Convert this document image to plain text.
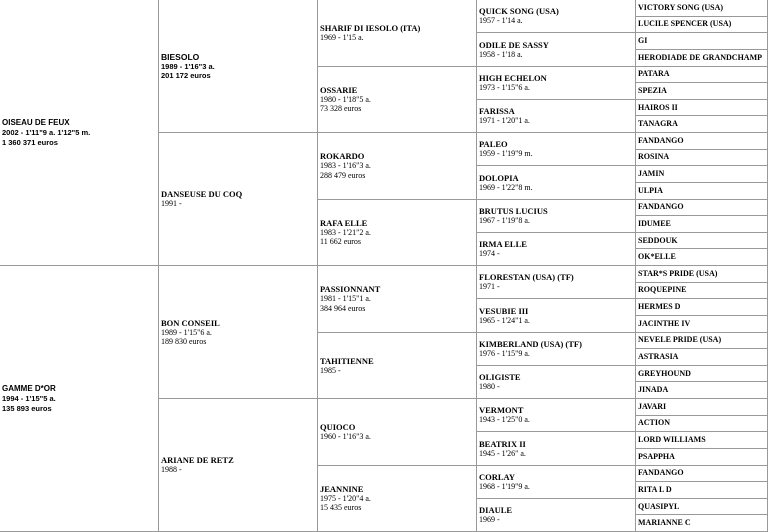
OISEAU DE FEUX
2002 - 1'11"9 a. 1'12"5 m.
1 360 371 euros
GAMME D*OR
1994 - 1'15"5 a.
135 893 euros
BIESOLO
1989 - 1'16"3 a.
201 172 euros
DANSEUSE DU COQ
1991 -
BON CONSEIL
1989 - 1'15"6 a.
189 830 euros
ARIANE DE RETZ
1988 -
SHARIF DI IESOLO (ITA)
1969 - 1'15 a.
OSSARIE
1980 - 1'18"5 a.
73 328 euros
ROKARDO
1983 - 1'16"3 a.
288 479 euros
RAFA ELLE
1983 - 1'21"2 a.
11 662 euros
PASSIONNANT
1981 - 1'15"1 a.
384 964 euros
TAHITIENNE
1985 -
QUIOCO
1960 - 1'16"3 a.
JEANNINE
1975 - 1'20"4 a.
15 435 euros
QUICK SONG (USA)
1957 - 1'14 a.
ODILE DE SASSY
1958 - 1'18 a.
HIGH ECHELON
1973 - 1'15"6 a.
FARISSA
1971 - 1'20"1 a.
PALEO
1959 - 1'19"9 m.
DOLOPIA
1969 - 1'22"8 m.
BRUTUS LUCIUS
1967 - 1'19"8 a.
IRMA ELLE
1974 -
FLORESTAN (USA) (TF)
1971 -
VESUBIE III
1965 - 1'24"1 a.
KIMBERLAND (USA) (TF)
1976 - 1'15"9 a.
OLIGISTE
1980 -
VERMONT
1943 - 1'25"0 a.
BEATRIX II
1945 - 1'26" a.
CORLAY
1968 - 1'19"9 a.
DIAULE
1969 -
VICTORY SONG (USA)
LUCILE SPENCER (USA)
GI
HERODIADE DE GRANDCHAMP
PATARA
SPEZIA
HAIROS II
TANAGRA
FANDANGO
ROSINA
JAMIN
ULPIA
FANDANGO
IDUMEE
SEDDOUK
OK*ELLE
STAR*S PRIDE (USA)
ROQUEPINE
HERMES D
JACINTHE IV
NEVELE PRIDE (USA)
ASTRASIA
GREYHOUND
JINADA
JAVARI
ACTION
LORD WILLIAMS
PSAPPHA
FANDANGO
RITA L D
QUASIPYL
MARIANNE C
